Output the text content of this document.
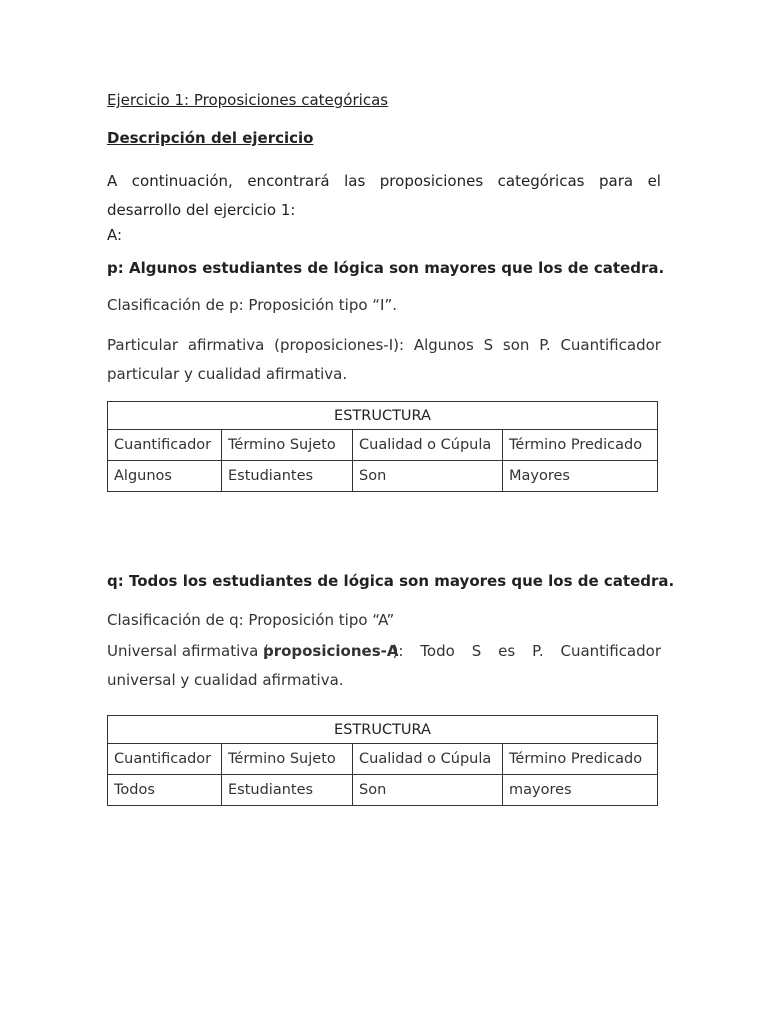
Ejercicio 1: Proposiciones categóricas
Descripción del ejercicio
A continuación, encontrará las proposiciones categóricas para el
desarrollo del ejercicio 1:
A:
p: Algunos estudiantes de lógica son mayores que los de catedra.
Clasificación de p: Proposición tipo “I”.
Particular afirmativa (proposiciones-I): Algunos S son P. Cuantificador
particular y cualidad afirmativa.
ESTRUCTURA			
Cuantificador	Término Sujeto	Cualidad o Cúpula	Término Predicado
Algunos	Estudiantes	Son	Mayores
q: Todos los estudiantes de lógica son mayores que los de catedra.
Clasificación de q: Proposición tipo “A”
Universal afirmativa (
proposiciones-A
): Todo S es P. Cuantificador
universal y cualidad afirmativa.
ESTRUCTURA			
Cuantificador	Término Sujeto	Cualidad o Cúpula	Término Predicado
Todos	Estudiantes	Son	mayores
